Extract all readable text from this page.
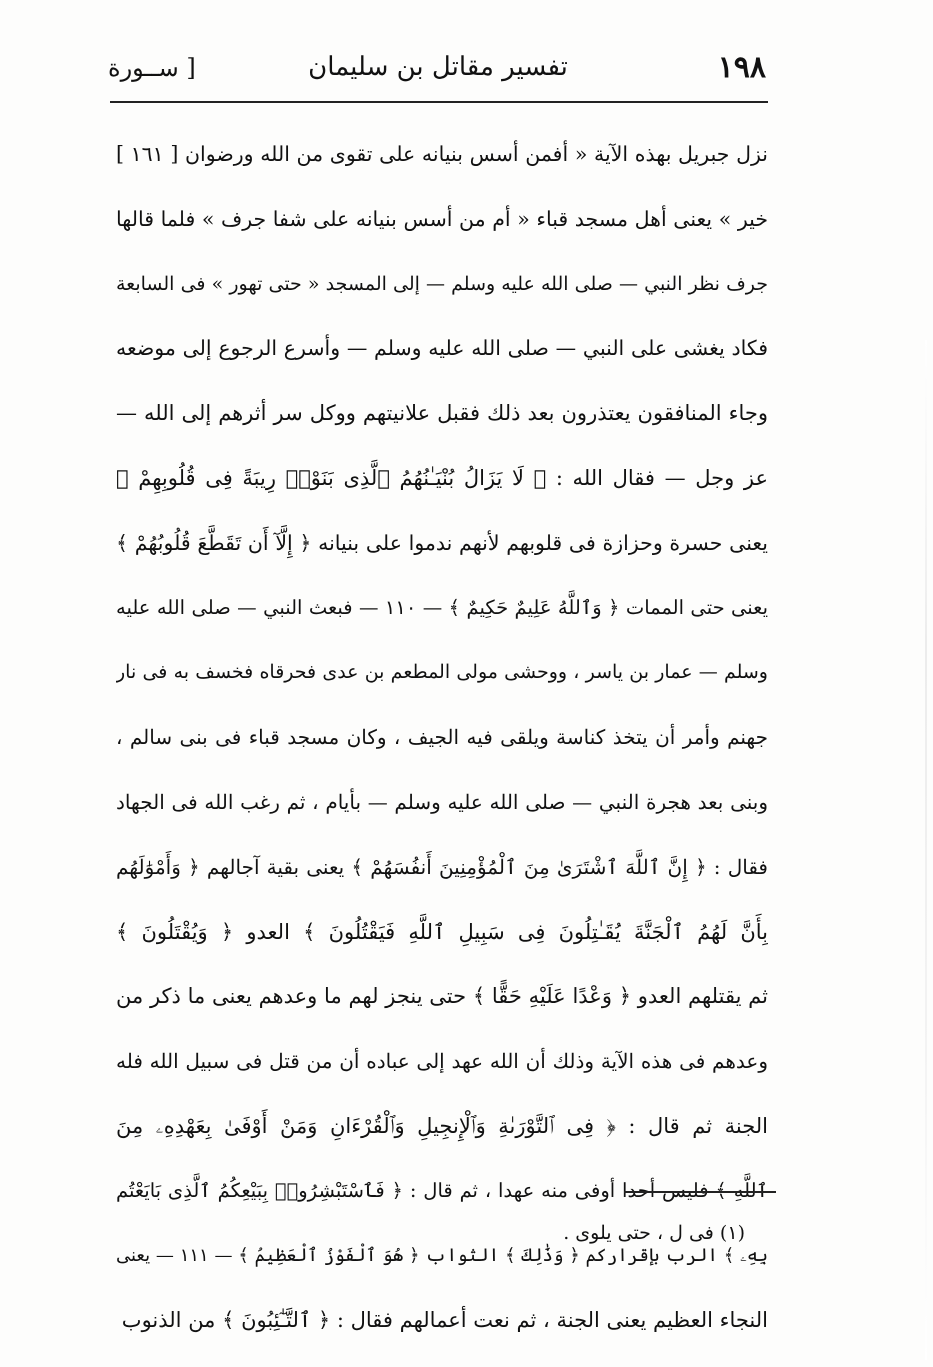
١٩٨
تفسير مقاتل بن سليمان
[ ســورة
نزل جبريل بهذه الآية « أفمن أسس بنيانه على تقوى من الله ورضوان [ ١٦١ ]
خير » يعنى أهل مسجد قباء « أم من أسس بنيانه على شفا جرف » فلما قالها
جرف نظر النبي — صلى الله عليه وسلم — إلى المسجد « حتى تهور » فى السابعة
فكاد يغشى على النبي — صلى الله عليه وسلم — وأسرع الرجوع إلى موضعه
وجاء المنافقون يعتذرون بعد ذلك فقبل علانيتهم ووكل سر أثرهم إلى الله —
عز وجل — فقال الله : ﴿ لَا يَزَالُ بُنْيَـٰنُهُمُ ٱلَّذِى بَنَوْا۟ رِيبَةً فِى قُلُوبِهِمْ ﴾
يعنى حسرة وحزازة فى قلوبهم لأنهم ندموا على بنيانه ﴿ إِلَّآ أَن تَقَطَّعَ قُلُوبُهُمْ ﴾
يعنى حتى الممات ﴿ وَٱللَّهُ عَلِيمٌ حَكِيمٌ ﴾ — ١١٠ — فبعث النبي — صلى الله عليه
وسلم — عمار بن ياسر ، ووحشى مولى المطعم بن عدى فحرقاه فخسف به فى نار
جهنم وأمر أن يتخذ كناسة ويلقى فيه الجيف ، وكان مسجد قباء فى بنى سالم ،
وبنى بعد هجرة النبي — صلى الله عليه وسلم — بأيام ، ثم رغب الله فى الجهاد
فقال : ﴿ إِنَّ ٱللَّهَ ٱشْتَرَىٰ مِنَ ٱلْمُؤْمِنِينَ أَنفُسَهُمْ ﴾ يعنى بقية آجالهم ﴿ وَأَمْوَٰلَهُم
بِأَنَّ لَهُمُ ٱلْجَنَّةَ يُقَـٰتِلُونَ فِى سَبِيلِ ٱللَّهِ فَيَقْتُلُونَ ﴾ العدو ﴿ وَيُقْتَلُونَ ﴾
ثم يقتلهم العدو ﴿ وَعْدًا عَلَيْهِ حَقًّا ﴾ حتى ينجز لهم ما وعدهم يعنى ما ذكر من
وعدهم فى هذه الآية وذلك أن الله عهد إلى عباده أن من قتل فى سبيل الله فله
الجنة ثم قال : ﴿ فِى ٱلتَّوْرَىٰةِ وَٱلْإِنجِيلِ وَٱلْقُرْءَانِ وَمَنْ أَوْفَىٰ بِعَهْدِهِۦ مِنَ
ٱللَّهِ ﴾ فليس أحدا أوفى منه عهدا ، ثم قال : ﴿ فَٱسْتَبْشِرُوا۟ بِبَيْعِكُمُ ٱلَّذِى بَايَعْتُم
بِهِۦ ﴾ الرب بإقراركم ﴿ وَذَٰلِكَ ﴾ الثواب ﴿ هُوَ ٱلْفَوْزُ ٱلْعَظِيمُ ﴾ — ١١١ — يعنى
النجاء العظيم يعنى الجنة ، ثم نعت أعمالهم فقال : ﴿ ٱلتَّـٰٓئِبُونَ ﴾ من الذنوب
(١) فى ل ، حتى يلوى .
